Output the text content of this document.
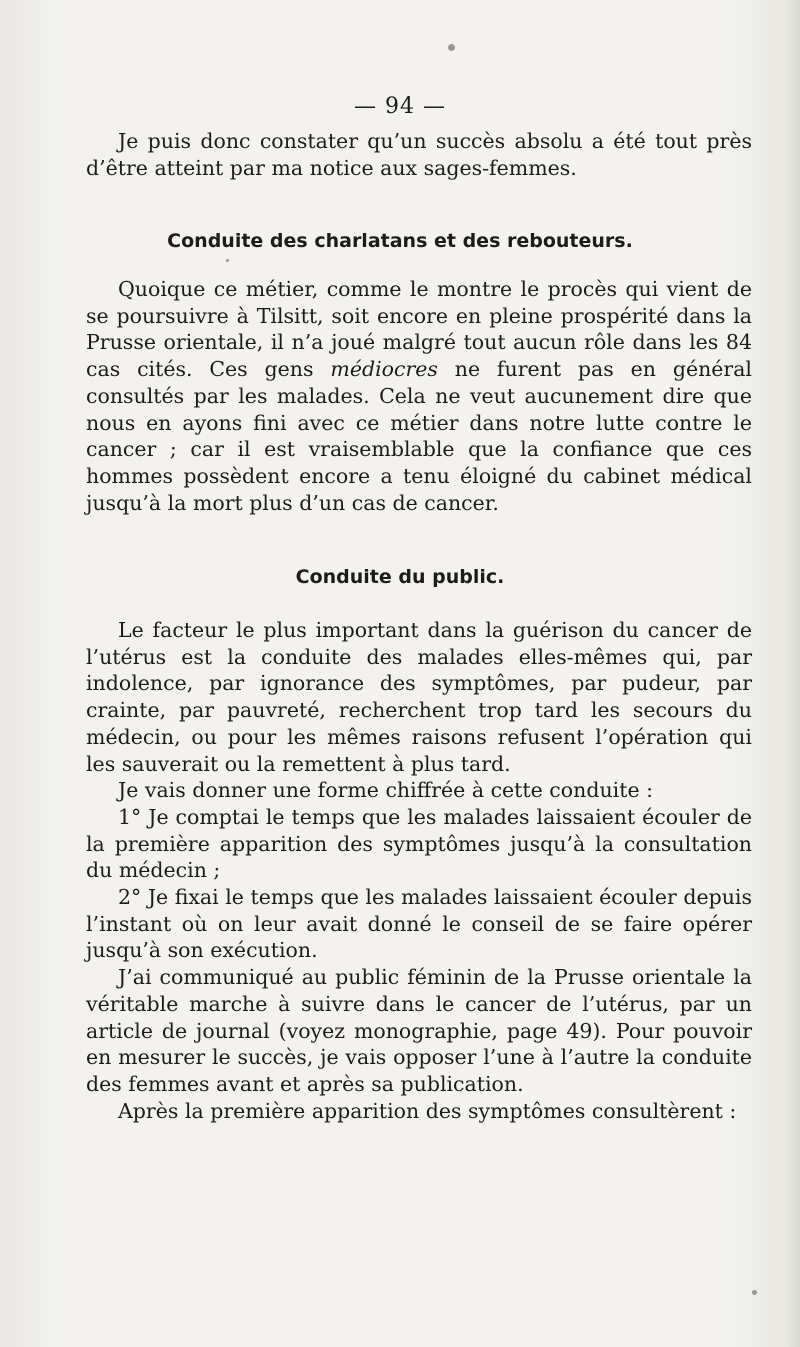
— 94 —

Je puis donc constater qu’un succès absolu a été tout près d’être atteint par ma notice aux sages-femmes.

Conduite des charlatans et des rebouteurs.

Quoique ce métier, comme le montre le procès qui vient de se poursuivre à Tilsitt, soit encore en pleine prospérité dans la Prusse orientale, il n’a joué malgré tout aucun rôle dans les 84 cas cités. Ces gens médiocres ne furent pas en général consultés par les malades. Cela ne veut aucunement dire que nous en ayons fini avec ce métier dans notre lutte contre le cancer ; car il est vraisemblable que la confiance que ces hommes possèdent encore a tenu éloigné du cabinet médical jusqu’à la mort plus d’un cas de cancer.

Conduite du public.

Le facteur le plus important dans la guérison du cancer de l’utérus est la conduite des malades elles-mêmes qui, par indolence, par ignorance des symptômes, par pudeur, par crainte, par pauvreté, recherchent trop tard les secours du médecin, ou pour les mêmes raisons refusent l’opération qui les sauverait ou la remettent à plus tard.

Je vais donner une forme chiffrée à cette conduite :

1° Je comptai le temps que les malades laissaient écouler de la première apparition des symptômes jusqu’à la consultation du médecin ;

2° Je fixai le temps que les malades laissaient écouler depuis l’instant où on leur avait donné le conseil de se faire opérer jusqu’à son exécution.

J’ai communiqué au public féminin de la Prusse orientale la véritable marche à suivre dans le cancer de l’utérus, par un article de journal (voyez monographie, page 49). Pour pouvoir en mesurer le succès, je vais opposer l’une à l’autre la conduite des femmes avant et après sa publication.

Après la première apparition des symptômes consultèrent :
